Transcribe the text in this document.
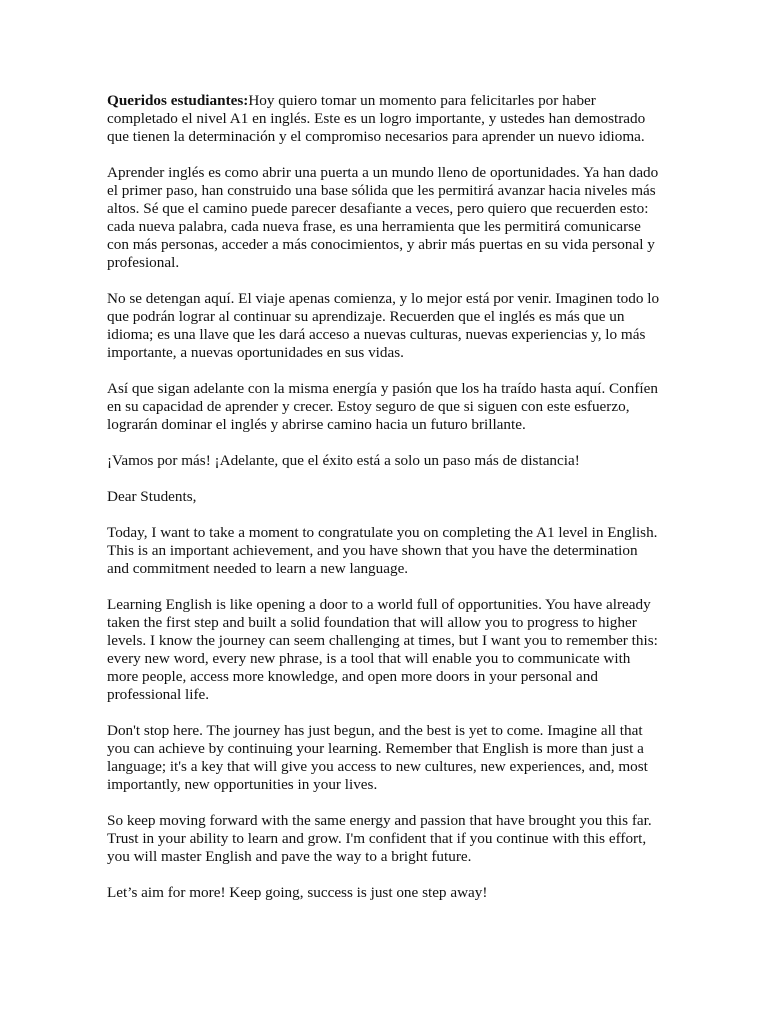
Queridos estudiantes:Hoy quiero tomar un momento para felicitarles por haber completado el nivel A1 en inglés. Este es un logro importante, y ustedes han demostrado que tienen la determinación y el compromiso necesarios para aprender un nuevo idioma.

Aprender inglés es como abrir una puerta a un mundo lleno de oportunidades. Ya han dado el primer paso, han construido una base sólida que les permitirá avanzar hacia niveles más altos. Sé que el camino puede parecer desafiante a veces, pero quiero que recuerden esto: cada nueva palabra, cada nueva frase, es una herramienta que les permitirá comunicarse con más personas, acceder a más conocimientos, y abrir más puertas en su vida personal y profesional.

No se detengan aquí. El viaje apenas comienza, y lo mejor está por venir. Imaginen todo lo que podrán lograr al continuar su aprendizaje. Recuerden que el inglés es más que un idioma; es una llave que les dará acceso a nuevas culturas, nuevas experiencias y, lo más importante, a nuevas oportunidades en sus vidas.

Así que sigan adelante con la misma energía y pasión que los ha traído hasta aquí. Confíen en su capacidad de aprender y crecer. Estoy seguro de que si siguen con este esfuerzo, lograrán dominar el inglés y abrirse camino hacia un futuro brillante.

¡Vamos por más! ¡Adelante, que el éxito está a solo un paso más de distancia!

Dear Students,

Today, I want to take a moment to congratulate you on completing the A1 level in English. This is an important achievement, and you have shown that you have the determination and commitment needed to learn a new language.

Learning English is like opening a door to a world full of opportunities. You have already taken the first step and built a solid foundation that will allow you to progress to higher levels. I know the journey can seem challenging at times, but I want you to remember this: every new word, every new phrase, is a tool that will enable you to communicate with more people, access more knowledge, and open more doors in your personal and professional life.

Don't stop here. The journey has just begun, and the best is yet to come. Imagine all that you can achieve by continuing your learning. Remember that English is more than just a language; it's a key that will give you access to new cultures, new experiences, and, most importantly, new opportunities in your lives.

So keep moving forward with the same energy and passion that have brought you this far. Trust in your ability to learn and grow. I'm confident that if you continue with this effort, you will master English and pave the way to a bright future.

Let’s aim for more! Keep going, success is just one step away!
